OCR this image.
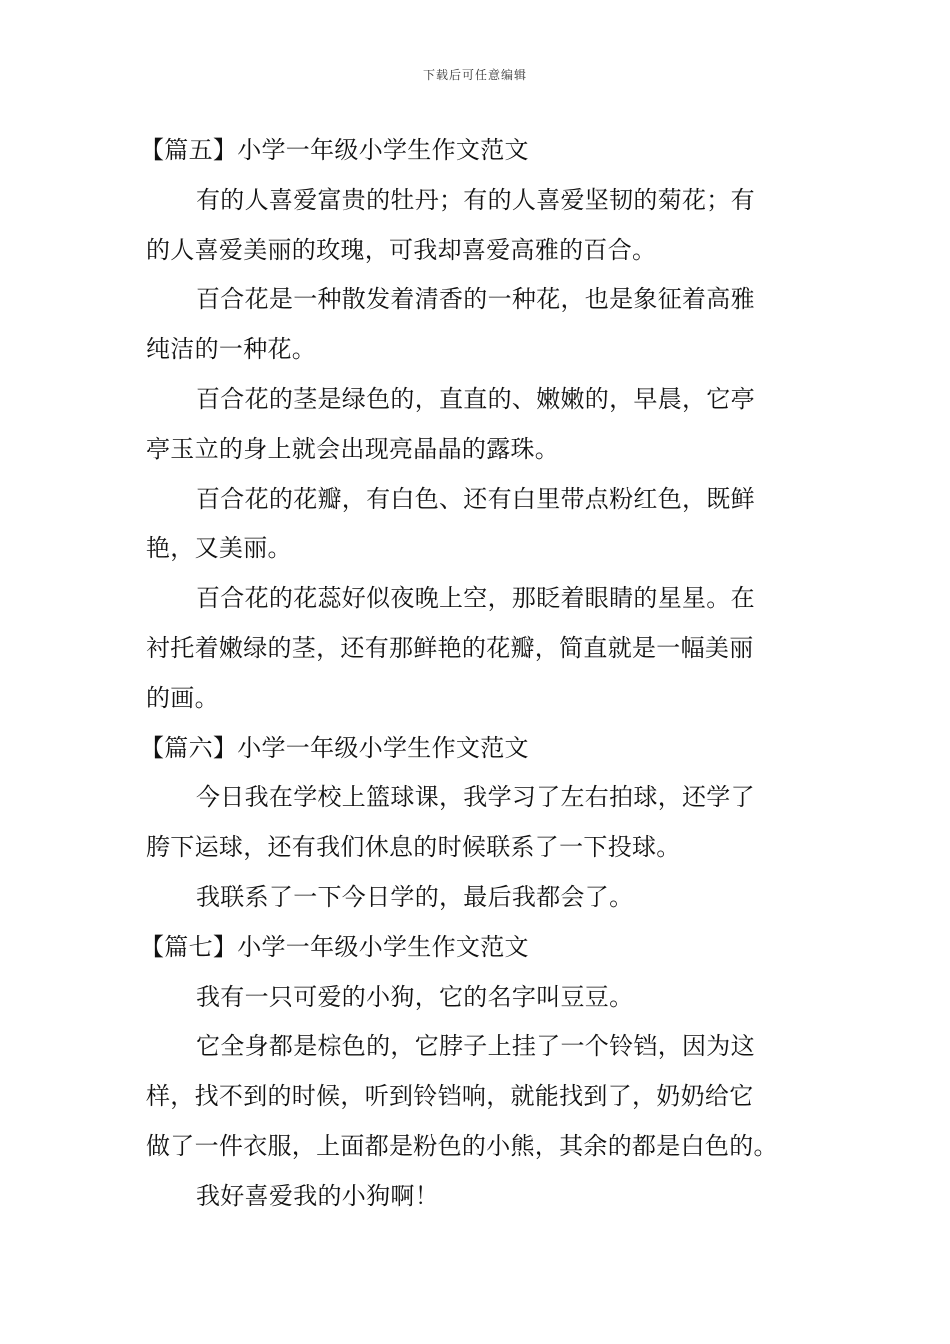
下载后可任意编辑
【篇五】小学一年级小学生作文范文
有的人喜爱富贵的牡丹；有的人喜爱坚韧的菊花；有
的人喜爱美丽的玫瑰，可我却喜爱高雅的百合。
百合花是一种散发着清香的一种花，也是象征着高雅
纯洁的一种花。
百合花的茎是绿色的，直直的、嫩嫩的，早晨，它亭
亭玉立的身上就会出现亮晶晶的露珠。
百合花的花瓣，有白色、还有白里带点粉红色，既鲜
艳，又美丽。
百合花的花蕊好似夜晚上空，那眨着眼睛的星星。在
衬托着嫩绿的茎，还有那鲜艳的花瓣，简直就是一幅美丽
的画。
【篇六】小学一年级小学生作文范文
今日我在学校上篮球课，我学习了左右拍球，还学了
胯下运球，还有我们休息的时候联系了一下投球。
我联系了一下今日学的，最后我都会了。
【篇七】小学一年级小学生作文范文
我有一只可爱的小狗，它的名字叫豆豆。
它全身都是棕色的，它脖子上挂了一个铃铛，因为这
样，找不到的时候，听到铃铛响，就能找到了，奶奶给它
做了一件衣服，上面都是粉色的小熊，其余的都是白色的。
我好喜爱我的小狗啊！
